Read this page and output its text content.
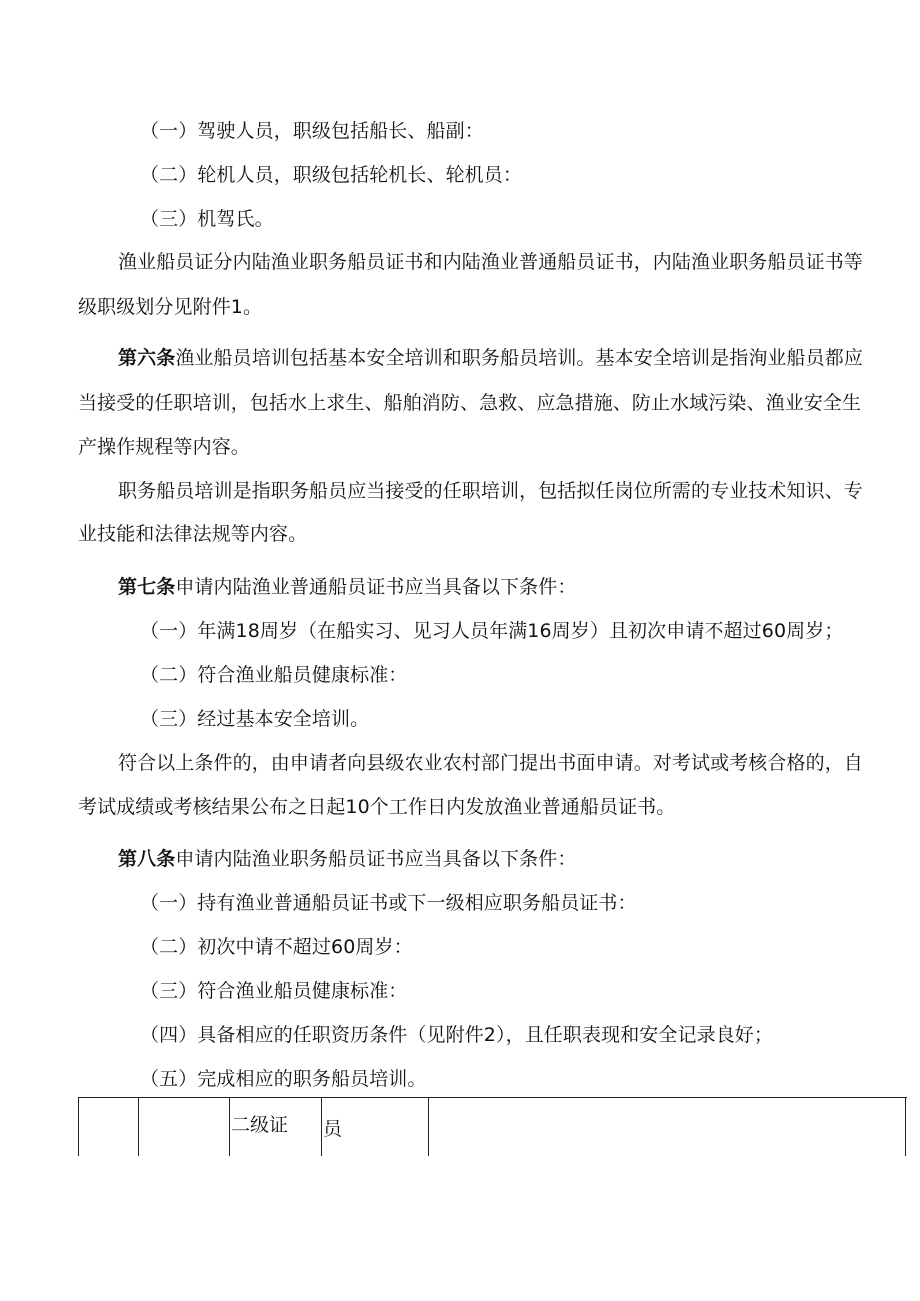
（一）驾驶人员，职级包括船长、船副：
（二）轮机人员，职级包括轮机长、轮机员：
（三）机驾氏。
渔业船员证分内陆渔业职务船员证书和内陆渔业普通船员证书，内陆渔业职务船员证书等
级职级划分见附件1。
第六条渔业船员培训包括基本安全培训和职务船员培训。基本安全培训是指洵业船员都应
当接受的任职培训，包括水上求生、船舶消防、急救、应急措施、防止水域污染、渔业安全生
产操作规程等内容。
职务船员培训是指职务船员应当接受的任职培训，包括拟任岗位所需的专业技术知识、专
业技能和法律法规等内容。
第七条申请内陆渔业普通船员证书应当具备以下条件：
（一）年满18周岁（在船实习、见习人员年满16周岁）且初次申请不超过60周岁；
（二）符合渔业船员健康标准：
（三）经过基本安全培训。
符合以上条件的，由申请者向县级农业农村部门提出书面申请。对考试或考核合格的，自
考试成绩或考核结果公布之日起10个工作日内发放渔业普通船员证书。
第八条申请内陆渔业职务船员证书应当具备以下条件：
（一）持有渔业普通船员证书或下一级相应职务船员证书：
（二）初次中请不超过60周岁：
（三）符合渔业船员健康标准：
（四）具备相应的任职资历条件（见附件2），且任职表现和安全记录良好；
（五）完成相应的职务船员培训。
二级证 员
